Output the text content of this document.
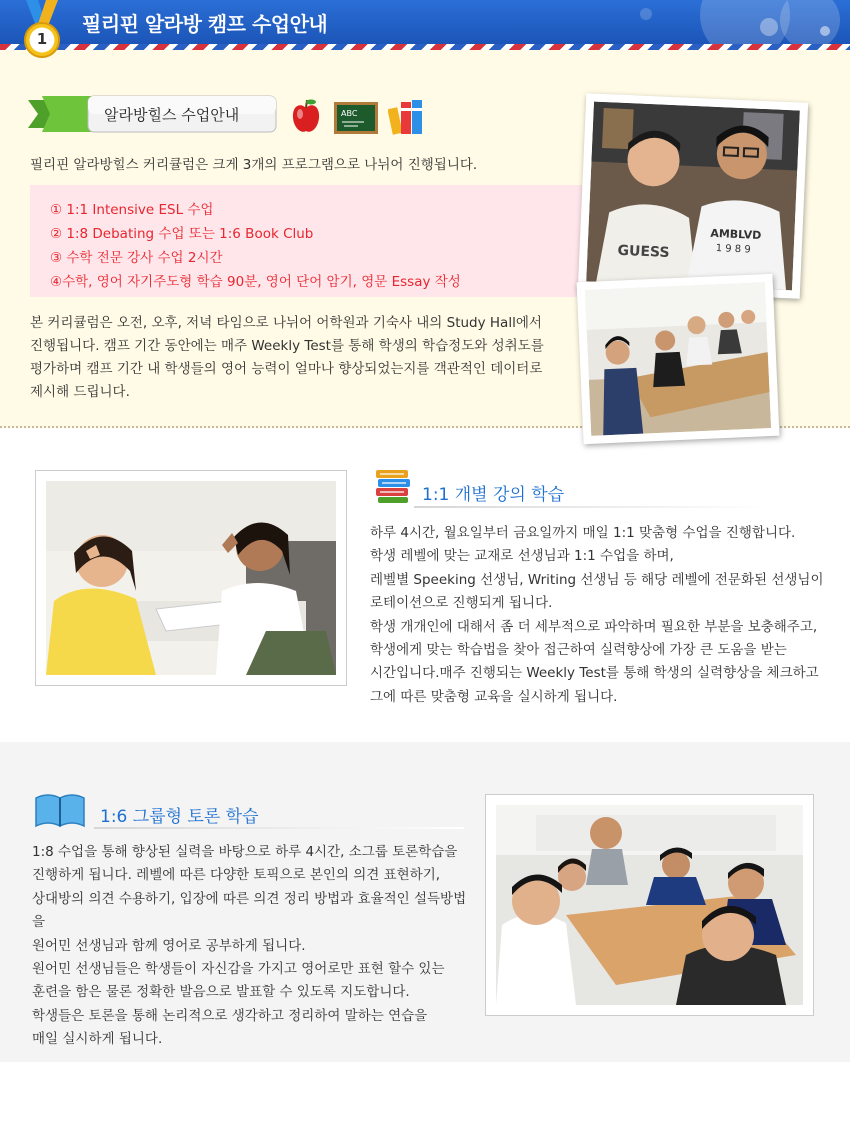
필리핀 알라방 캠프 수업안내
1
알라방힐스 수업안내	ABC
필리핀 알라방힐스 커리큘럼은 크게 3개의 프로그램으로 나뉘어 진행됩니다.
① 1:1 Intensive ESL 수업
② 1:8 Debating 수업 또는 1:6 Book Club
③ 수학 전문 강사 수업 2시간
④수학, 영어 자기주도형 학습 90분, 영어 단어 암기, 영문 Essay 작성
본 커리큘럼은 오전, 오후, 저녁 타임으로 나뉘어 어학원과 기숙사 내의 Study Hall에서
진행됩니다. 캠프 기간 동안에는 매주 Weekly Test를 통해 학생의 학습정도와 성취도를
평가하며 캠프 기간 내 학생들의 영어 능력이 얼마나 향상되었는지를 객관적인 데이터로
제시해 드립니다.
GUESS
AMBLVD
1 9 8 9
1:1 개별 강의 학습
하루 4시간, 월요일부터 금요일까지 매일 1:1 맞춤형 수업을 진행합니다.
학생 레벨에 맞는 교재로 선생님과 1:1 수업을 하며,
레벨별 Speeking 선생님, Writing 선생님 등 해당 레벨에 전문화된 선생님이
로테이션으로 진행되게 됩니다.
학생 개개인에 대해서 좀 더 세부적으로 파악하며 필요한 부분을 보충해주고,
학생에게 맞는 학습법을 찾아 접근하여 실력향상에 가장 큰 도움을 받는
시간입니다.매주 진행되는 Weekly Test를 통해 학생의 실력향상을 체크하고
그에 따른 맞춤형 교육을 실시하게 됩니다.
1:6 그룹형 토론 학습
1:8 수업을 통해 향상된 실력을 바탕으로 하루 4시간, 소그룹 토론학습을
진행하게 됩니다. 레벨에 따른 다양한 토픽으로 본인의 의견 표현하기,
상대방의 의견 수용하기, 입장에 따른 의견 정리 방법과 효율적인 설득방법을
원어민 선생님과 함께 영어로 공부하게 됩니다.
원어민 선생님들은 학생들이 자신감을 가지고 영어로만 표현 할수 있는
훈련을 함은 물론 정확한 발음으로 발표할 수 있도록 지도합니다.
학생들은 토론을 통해 논리적으로 생각하고 정리하여 말하는 연습을
매일 실시하게 됩니다.
